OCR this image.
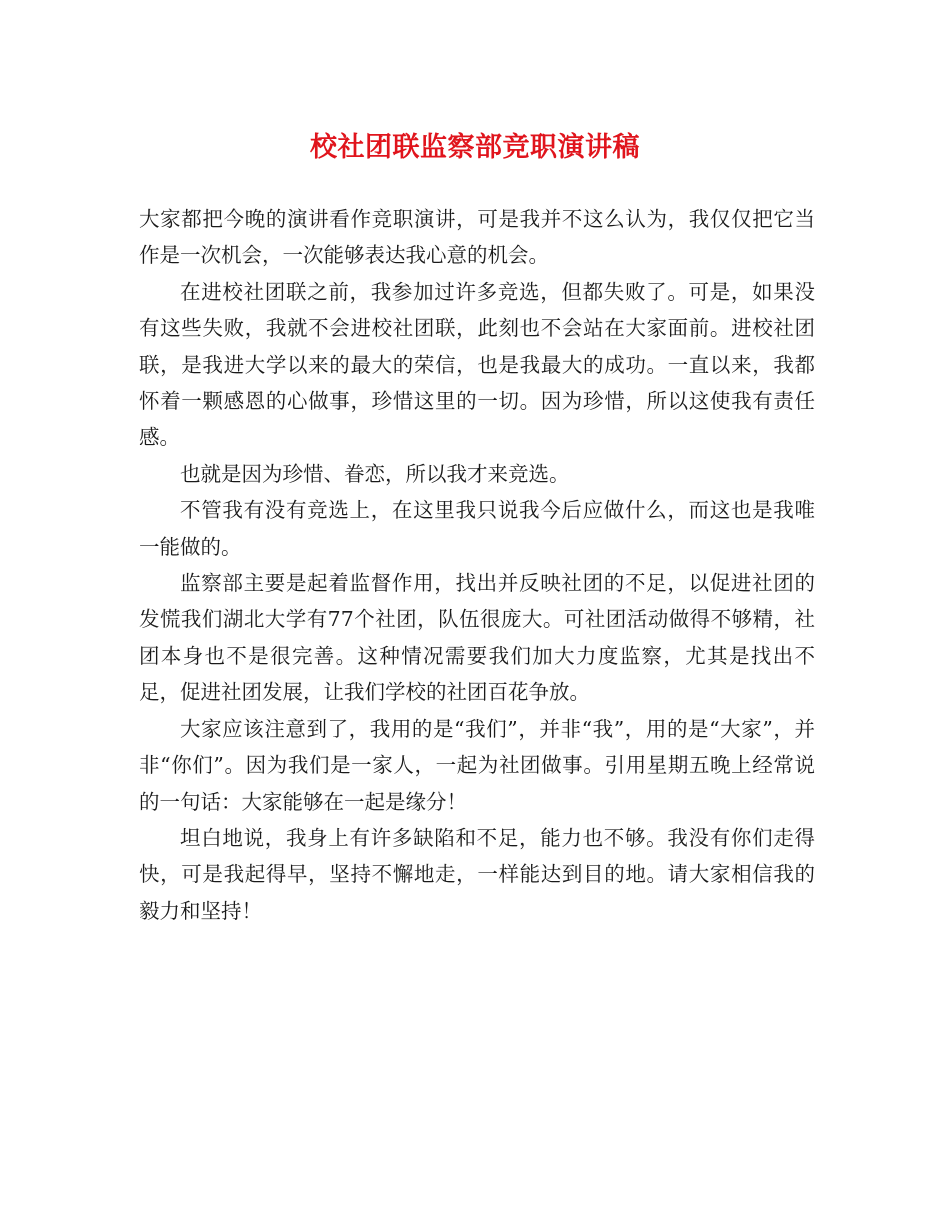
校社团联监察部竞职演讲稿

大家都把今晚的演讲看作竞职演讲，可是我并不这么认为，我仅仅把它当作是一次机会，一次能够表达我心意的机会。

在进校社团联之前，我参加过许多竞选，但都失败了。可是，如果没有这些失败，我就不会进校社团联，此刻也不会站在大家面前。进校社团联，是我进大学以来的最大的荣信，也是我最大的成功。一直以来，我都怀着一颗感恩的心做事，珍惜这里的一切。因为珍惜，所以这使我有责任感。

也就是因为珍惜、眷恋，所以我才来竞选。

不管我有没有竞选上，在这里我只说我今后应做什么，而这也是我唯一能做的。

监察部主要是起着监督作用，找出并反映社团的不足，以促进社团的发慌我们湖北大学有77个社团，队伍很庞大。可社团活动做得不够精，社团本身也不是很完善。这种情况需要我们加大力度监察，尤其是找出不足，促进社团发展，让我们学校的社团百花争放。

大家应该注意到了，我用的是“我们”，并非“我”，用的是“大家”，并非“你们”。因为我们是一家人，一起为社团做事。引用星期五晚上经常说的一句话：大家能够在一起是缘分！

坦白地说，我身上有许多缺陷和不足，能力也不够。我没有你们走得快，可是我起得早，坚持不懈地走，一样能达到目的地。请大家相信我的毅力和坚持！
